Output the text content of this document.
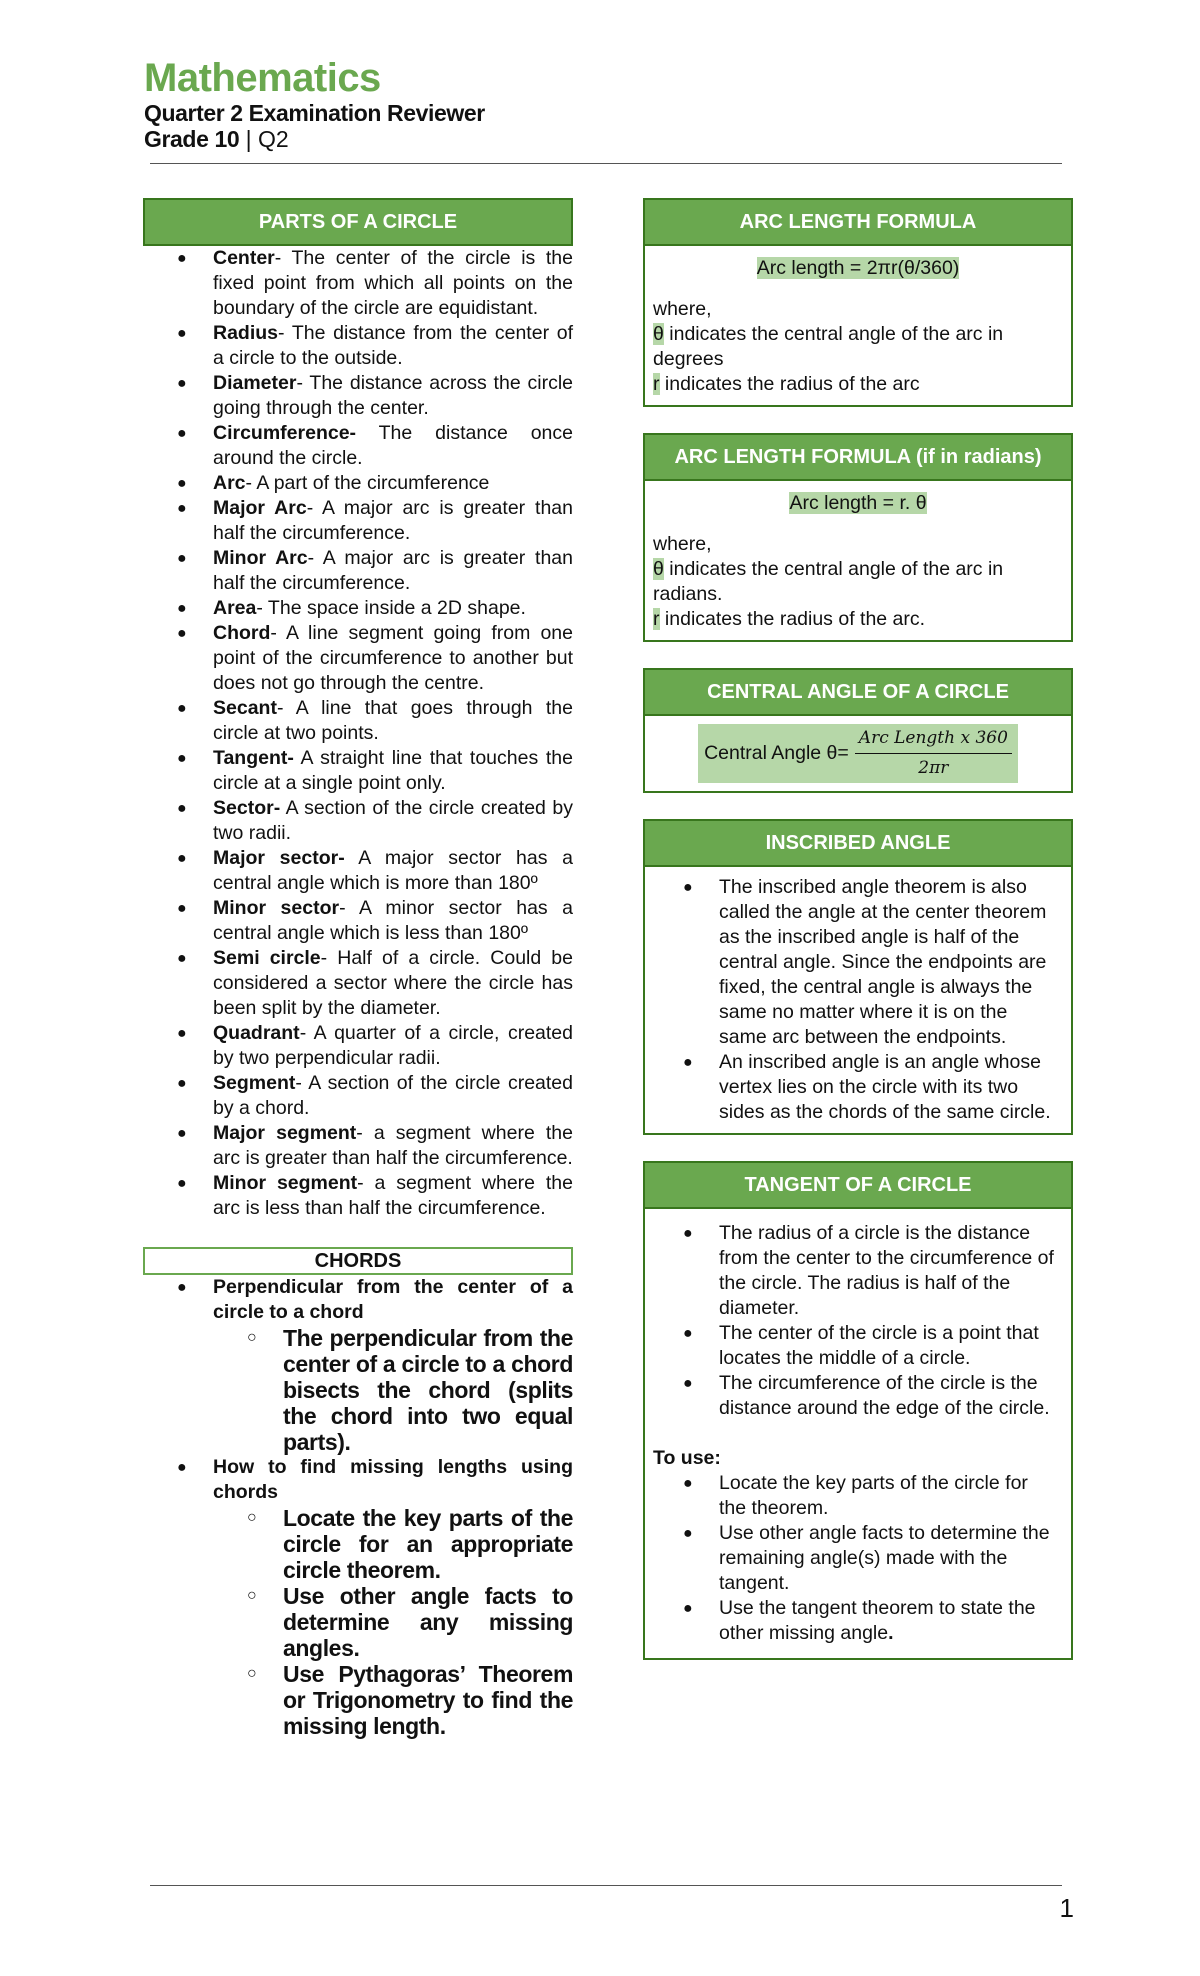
Mathematics
Quarter 2 Examination Reviewer
Grade 10 | Q2
PARTS OF A CIRCLE
● Center- The center of the circle is the fixed point from which all points on the boundary of the circle are equidistant.
● Radius- The distance from the center of a circle to the outside.
● Diameter- The distance across the circle going through the center.
● Circumference- The distance once around the circle.
● Arc- A part of the circumference
● Major Arc- A major arc is greater than half the circumference.
● Minor Arc- A major arc is greater than half the circumference.
● Area- The space inside a 2D shape.
● Chord- A line segment going from one point of the circumference to another but does not go through the centre.
● Secant- A line that goes through the circle at two points.
● Tangent- A straight line that touches the circle at a single point only.
● Sector- A section of the circle created by two radii.
● Major sector- A major sector has a central angle which is more than 180º
● Minor sector- A minor sector has a central angle which is less than 180º
● Semi circle- Half of a circle. Could be considered a sector where the circle has been split by the diameter.
● Quadrant- A quarter of a circle, created by two perpendicular radii.
● Segment- A section of the circle created by a chord.
● Major segment- a segment where the arc is greater than half the circumference.
● Minor segment- a segment where the arc is less than half the circumference.
CHORDS
● Perpendicular from the center of a circle to a chord
○ The perpendicular from the center of a circle to a chord bisects the chord (splits the chord into two equal parts).
● How to find missing lengths using chords
○ Locate the key parts of the circle for an appropriate circle theorem.
○ Use other angle facts to determine any missing angles.
○ Use Pythagoras’ Theorem or Trigonometry to find the missing length.
ARC LENGTH FORMULA
Arc length = 2πr(θ/360)
where,
θ indicates the central angle of the arc in degrees
r indicates the radius of the arc
ARC LENGTH FORMULA (if in radians)
Arc length = r. θ
where,
θ indicates the central angle of the arc in radians.
r indicates the radius of the arc.
CENTRAL ANGLE OF A CIRCLE
Central Angle $\theta= \frac{\text{Arc Length x 360}}{2\pi r}$
INSCRIBED ANGLE
● The inscribed angle theorem is also called the angle at the center theorem as the inscribed angle is half of the central angle. Since the endpoints are fixed, the central angle is always the same no matter where it is on the same arc between the endpoints.
● An inscribed angle is an angle whose vertex lies on the circle with its two sides as the chords of the same circle.
TANGENT OF A CIRCLE
● The radius of a circle is the distance from the center to the circumference of the circle. The radius is half of the diameter.
● The center of the circle is a point that locates the middle of a circle.
● The circumference of the circle is the distance around the edge of the circle.
To use:
● Locate the key parts of the circle for the theorem.
● Use other angle facts to determine the remaining angle(s) made with the tangent.
● Use the tangent theorem to state the other missing angle.
1
